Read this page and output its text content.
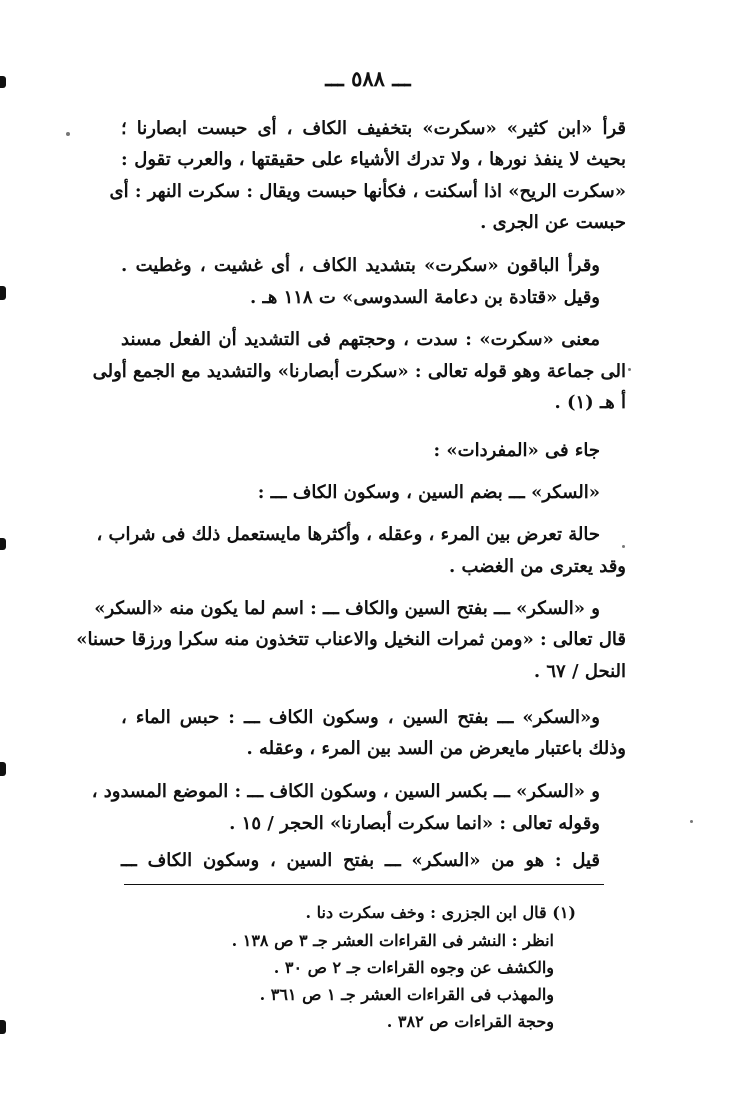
ـــ ٥٨٨ ـــ
قرأ «ابن كثير» «سكرت» بتخفيف الكاف ، أى حبست ابصارنا ؛
بحيث لا ينفذ نورها ، ولا تدرك الأشياء على حقيقتها ، والعرب تقول :
«سكرت الريح» اذا أسكنت ، فكأنها حبست ويقال : سكرت النهر : أى
حبست عن الجرى .
وقرأ الباقون «سكرت» بتشديد الكاف ، أى غشيت ، وغطيت .
وقيل «قتادة بن دعامة السدوسى» ت ١١٨ هـ .
معنى «سكرت» : سدت ، وحجتهم فى التشديد أن الفعل مسند
الى جماعة وهو قوله تعالى : «سكرت أبصارنا» والتشديد مع الجمع أولى
أ هـ (١) .
جاء فى «المفردات» :
«السكر» ـــ بضم السين ، وسكون الكاف ـــ :
حالة تعرض بين المرء ، وعقله ، وأكثرها مايستعمل ذلك فى شراب ،
وقد يعترى من الغضب .
و «السكر» ـــ بفتح السين والكاف ـــ : اسم لما يكون منه «السكر»
قال تعالى : «ومن ثمرات النخيل والاعناب تتخذون منه سكرا ورزقا حسنا»
النحل / ٦٧ .
و«السكر» ـــ بفتح السين ، وسكون الكاف ـــ : حبس الماء ،
وذلك باعتبار مايعرض من السد بين المرء ، وعقله .
و «السكر» ـــ بكسر السين ، وسكون الكاف ـــ : الموضع المسدود ،
وقوله تعالى : «انما سكرت أبصارنا» الحجر / ١٥ .
قيل : هو من «السكر» ـــ بفتح السين ، وسكون الكاف ـــ
(١) قال ابن الجزرى : وخف سكرت دنا .
انظر : النشر فى القراءات العشر جـ ٣ ص ١٣٨ .
والكشف عن وجوه القراءات جـ ٢ ص ٣٠ .
والمهذب فى القراءات العشر جـ ١ ص ٣٦١ .
وحجة القراءات ص ٣٨٢ .
